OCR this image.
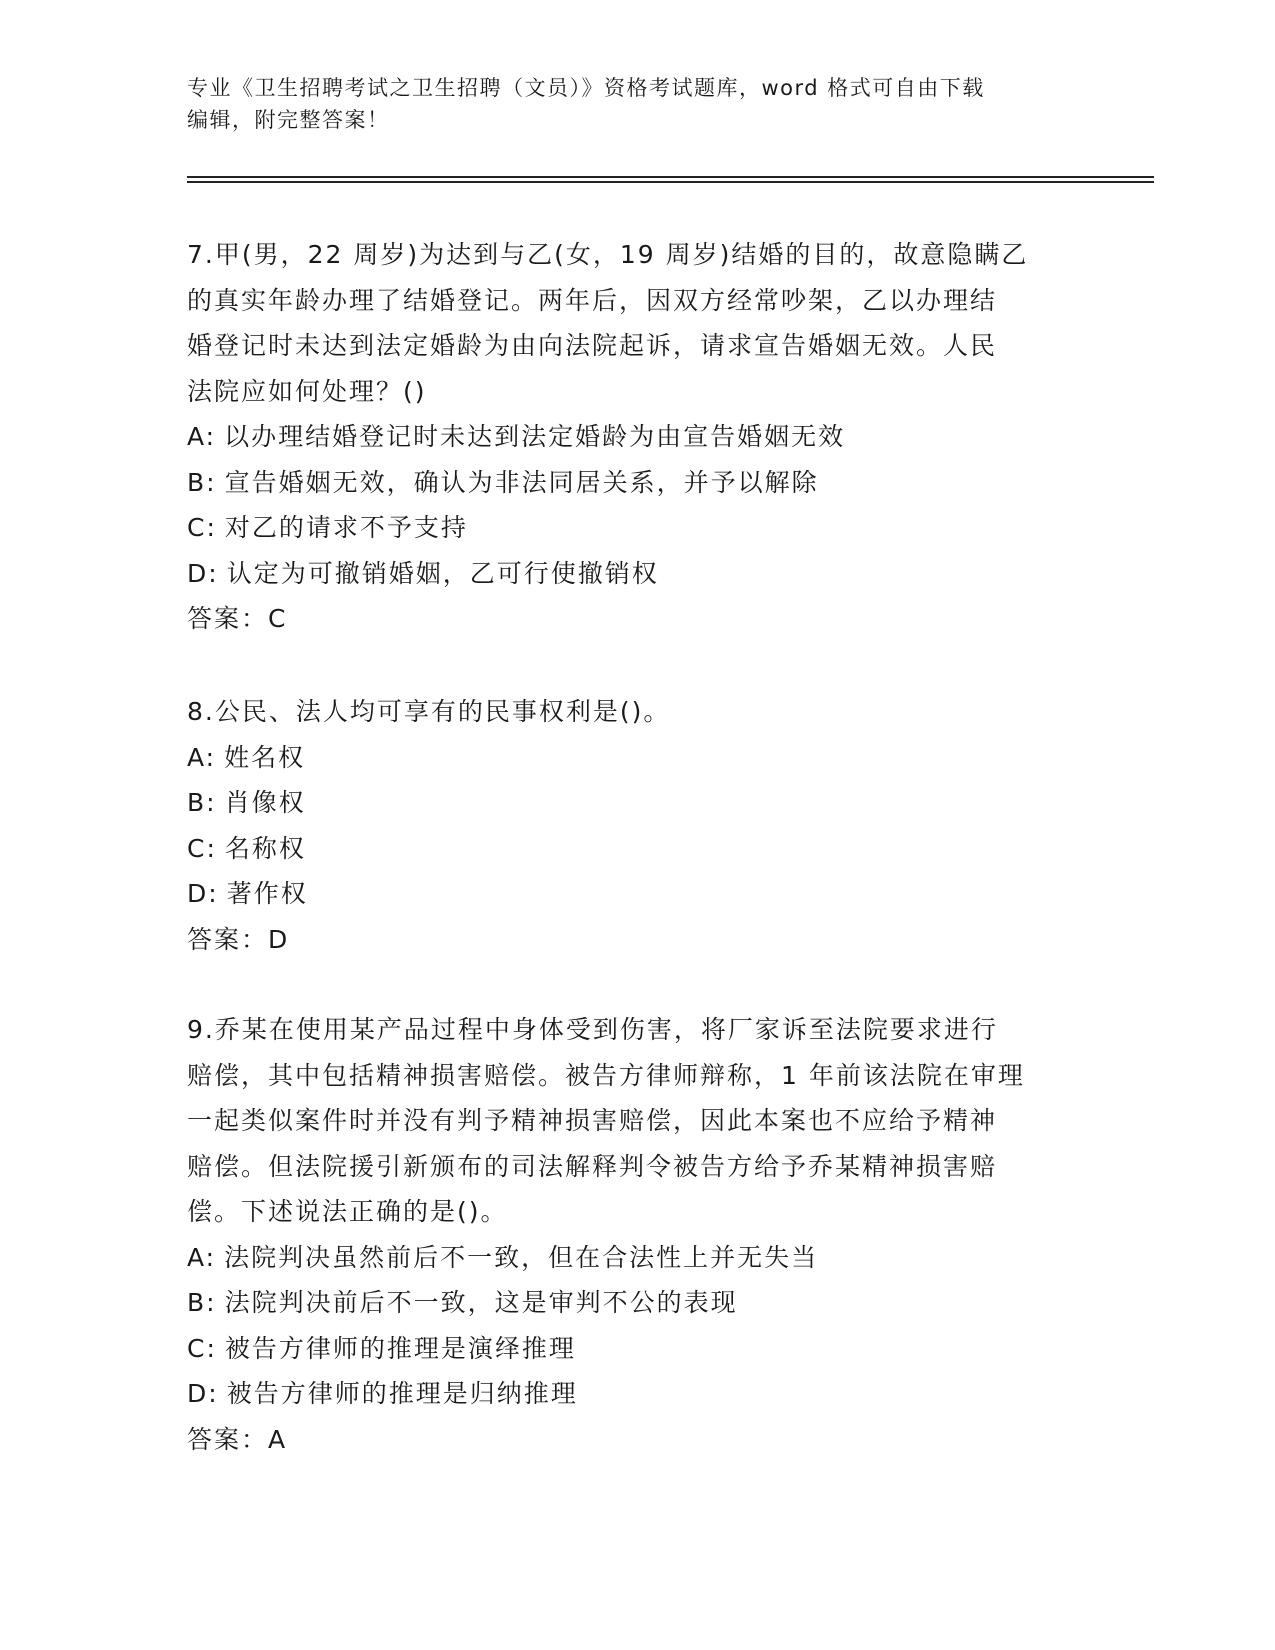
专业《卫生招聘考试之卫生招聘（文员）》资格考试题库，word 格式可自由下载

编辑，附完整答案！

7.甲(男，22 周岁)为达到与乙(女，19 周岁)结婚的目的，故意隐瞒乙

的真实年龄办理了结婚登记。两年后，因双方经常吵架，乙以办理结

婚登记时未达到法定婚龄为由向法院起诉，请求宣告婚姻无效。人民

法院应如何处理？()

A: 以办理结婚登记时未达到法定婚龄为由宣告婚姻无效

B: 宣告婚姻无效，确认为非法同居关系，并予以解除

C: 对乙的请求不予支持

D: 认定为可撤销婚姻，乙可行使撤销权

答案：C

8.公民、法人均可享有的民事权利是()。

A: 姓名权

B: 肖像权

C: 名称权

D: 著作权

答案：D

9.乔某在使用某产品过程中身体受到伤害，将厂家诉至法院要求进行

赔偿，其中包括精神损害赔偿。被告方律师辩称，1 年前该法院在审理

一起类似案件时并没有判予精神损害赔偿，因此本案也不应给予精神

赔偿。但法院援引新颁布的司法解释判令被告方给予乔某精神损害赔

偿。下述说法正确的是()。

A: 法院判决虽然前后不一致，但在合法性上并无失当

B: 法院判决前后不一致，这是审判不公的表现

C: 被告方律师的推理是演绎推理

D: 被告方律师的推理是归纳推理

答案：A
